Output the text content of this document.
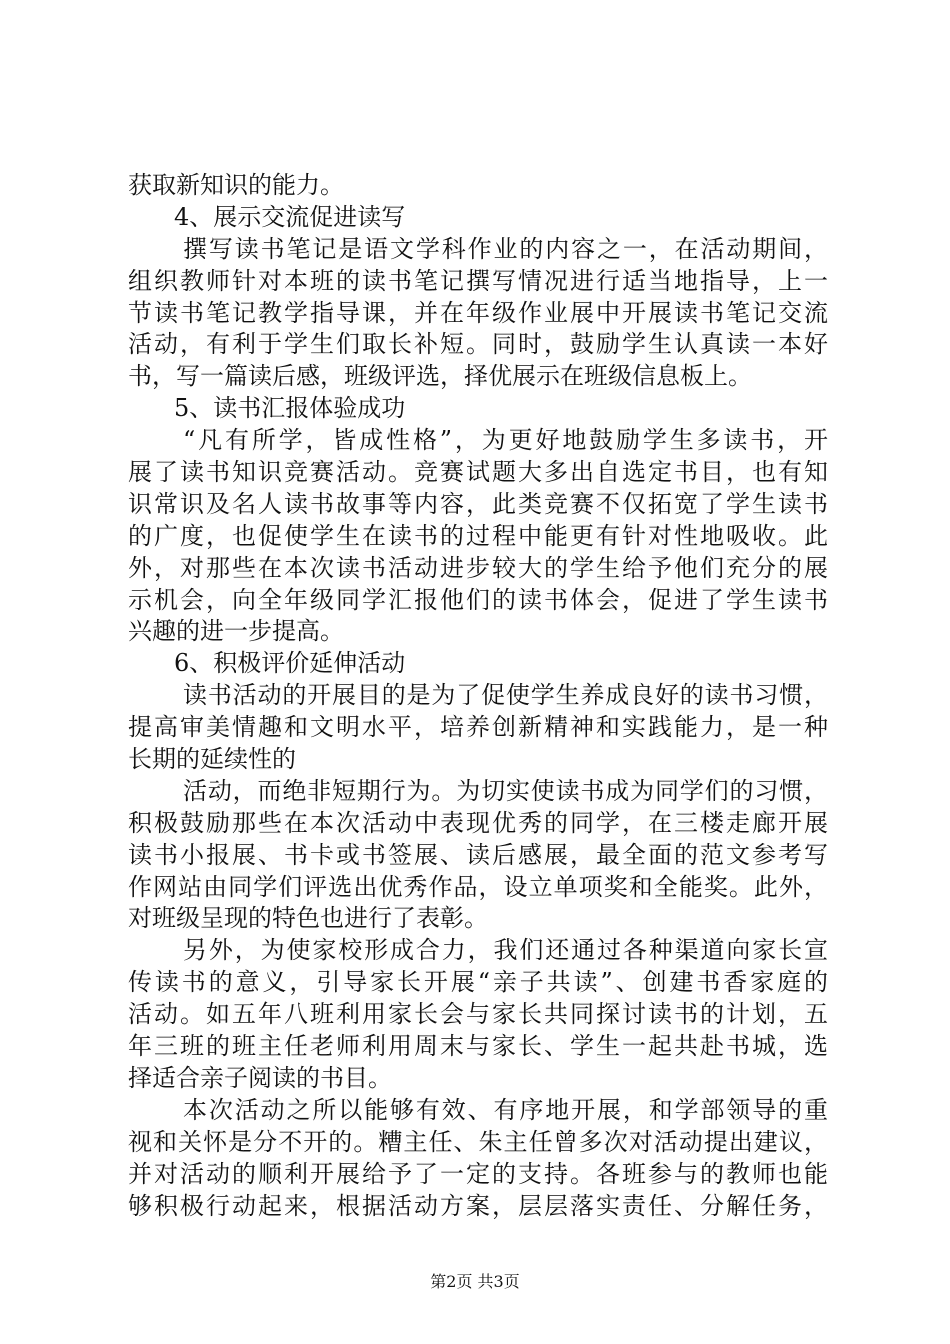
获取新知识的能力。
4、展示交流促进读写
撰写读书笔记是语文学科作业的内容之一，在活动期间，
组织教师针对本班的读书笔记撰写情况进行适当地指导，上一
节读书笔记教学指导课，并在年级作业展中开展读书笔记交流
活动，有利于学生们取长补短。同时，鼓励学生认真读一本好
书，写一篇读后感，班级评选，择优展示在班级信息板上。
5、读书汇报体验成功
“凡有所学，皆成性格”，为更好地鼓励学生多读书，开
展了读书知识竞赛活动。竞赛试题大多出自选定书目，也有知
识常识及名人读书故事等内容，此类竞赛不仅拓宽了学生读书
的广度，也促使学生在读书的过程中能更有针对性地吸收。此
外，对那些在本次读书活动进步较大的学生给予他们充分的展
示机会，向全年级同学汇报他们的读书体会，促进了学生读书
兴趣的进一步提高。
6、积极评价延伸活动
读书活动的开展目的是为了促使学生养成良好的读书习惯，
提高审美情趣和文明水平，培养创新精神和实践能力，是一种
长期的延续性的
活动，而绝非短期行为。为切实使读书成为同学们的习惯，
积极鼓励那些在本次活动中表现优秀的同学，在三楼走廊开展
读书小报展、书卡或书签展、读后感展，最全面的范文参考写
作网站由同学们评选出优秀作品，设立单项奖和全能奖。此外，
对班级呈现的特色也进行了表彰。
另外，为使家校形成合力，我们还通过各种渠道向家长宣
传读书的意义，引导家长开展“亲子共读”、创建书香家庭的
活动。如五年八班利用家长会与家长共同探讨读书的计划，五
年三班的班主任老师利用周末与家长、学生一起共赴书城，选
择适合亲子阅读的书目。
本次活动之所以能够有效、有序地开展，和学部领导的重
视和关怀是分不开的。糟主任、朱主任曾多次对活动提出建议，
并对活动的顺利开展给予了一定的支持。各班参与的教师也能
够积极行动起来，根据活动方案，层层落实责任、分解任务，
第2页 共3页
